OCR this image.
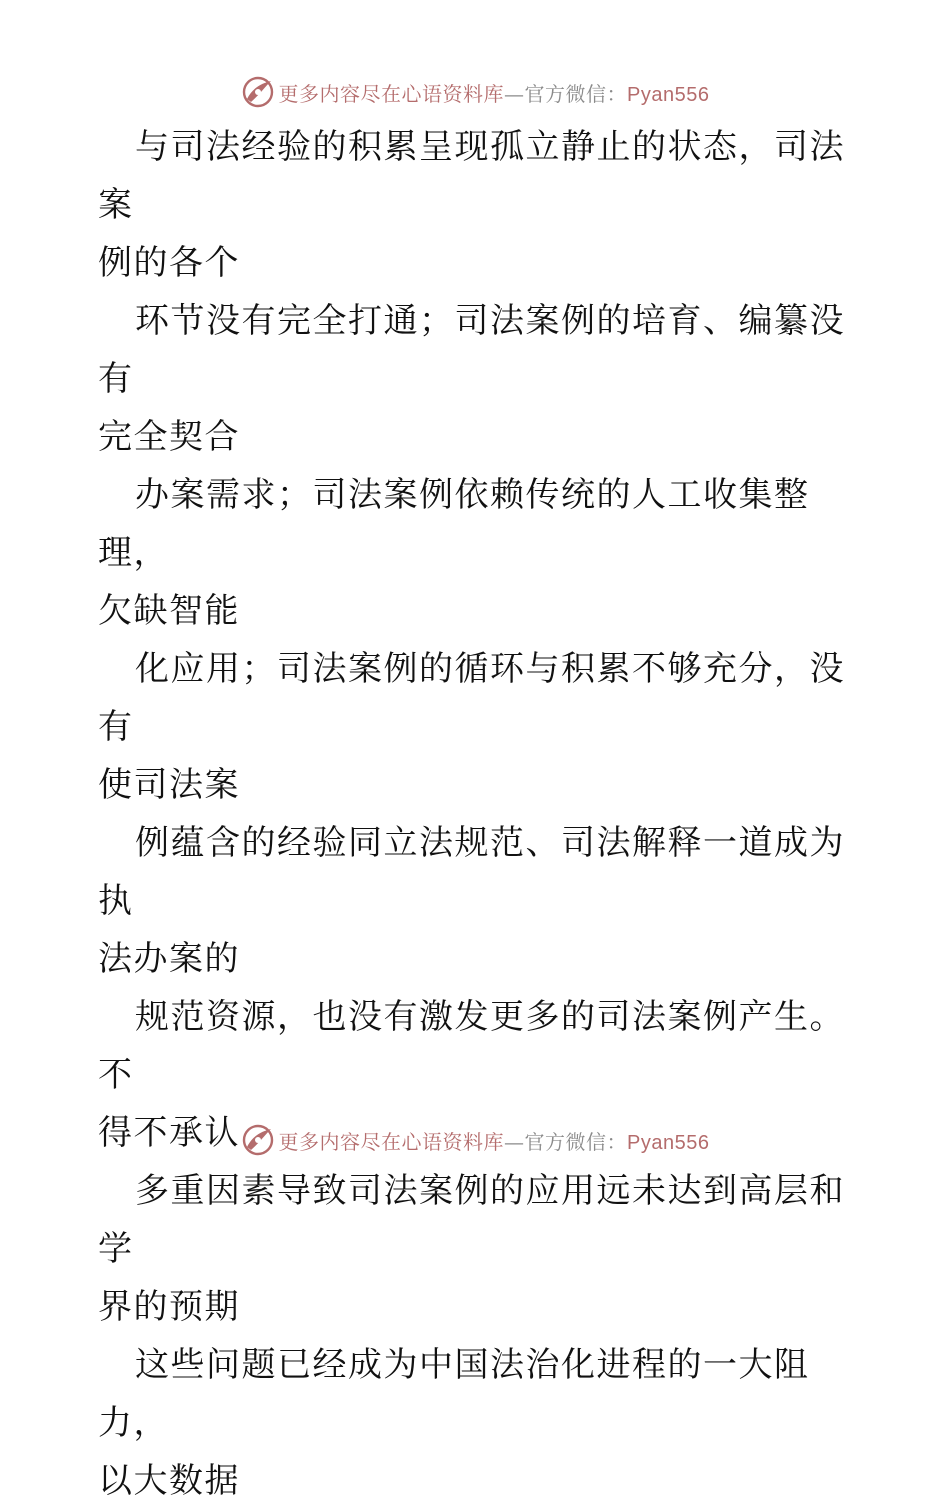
更多内容尽在心语资料库—官方微信：Pyan556

与司法经验的积累呈现孤立静止的状态，司法案
例的各个

环节没有完全打通；司法案例的培育、编纂没有
完全契合

办案需求；司法案例依赖传统的人工收集整理，
欠缺智能

化应用；司法案例的循环与积累不够充分，没有
使司法案

例蕴含的经验同立法规范、司法解释一道成为执
法办案的

规范资源，也没有激发更多的司法案例产生。不
得不承认

多重因素导致司法案例的应用远未达到高层和学
界的预期

这些问题已经成为中国法治化进程的一大阻力，
以大数据

更多内容尽在心语资料库—官方微信：Pyan556
